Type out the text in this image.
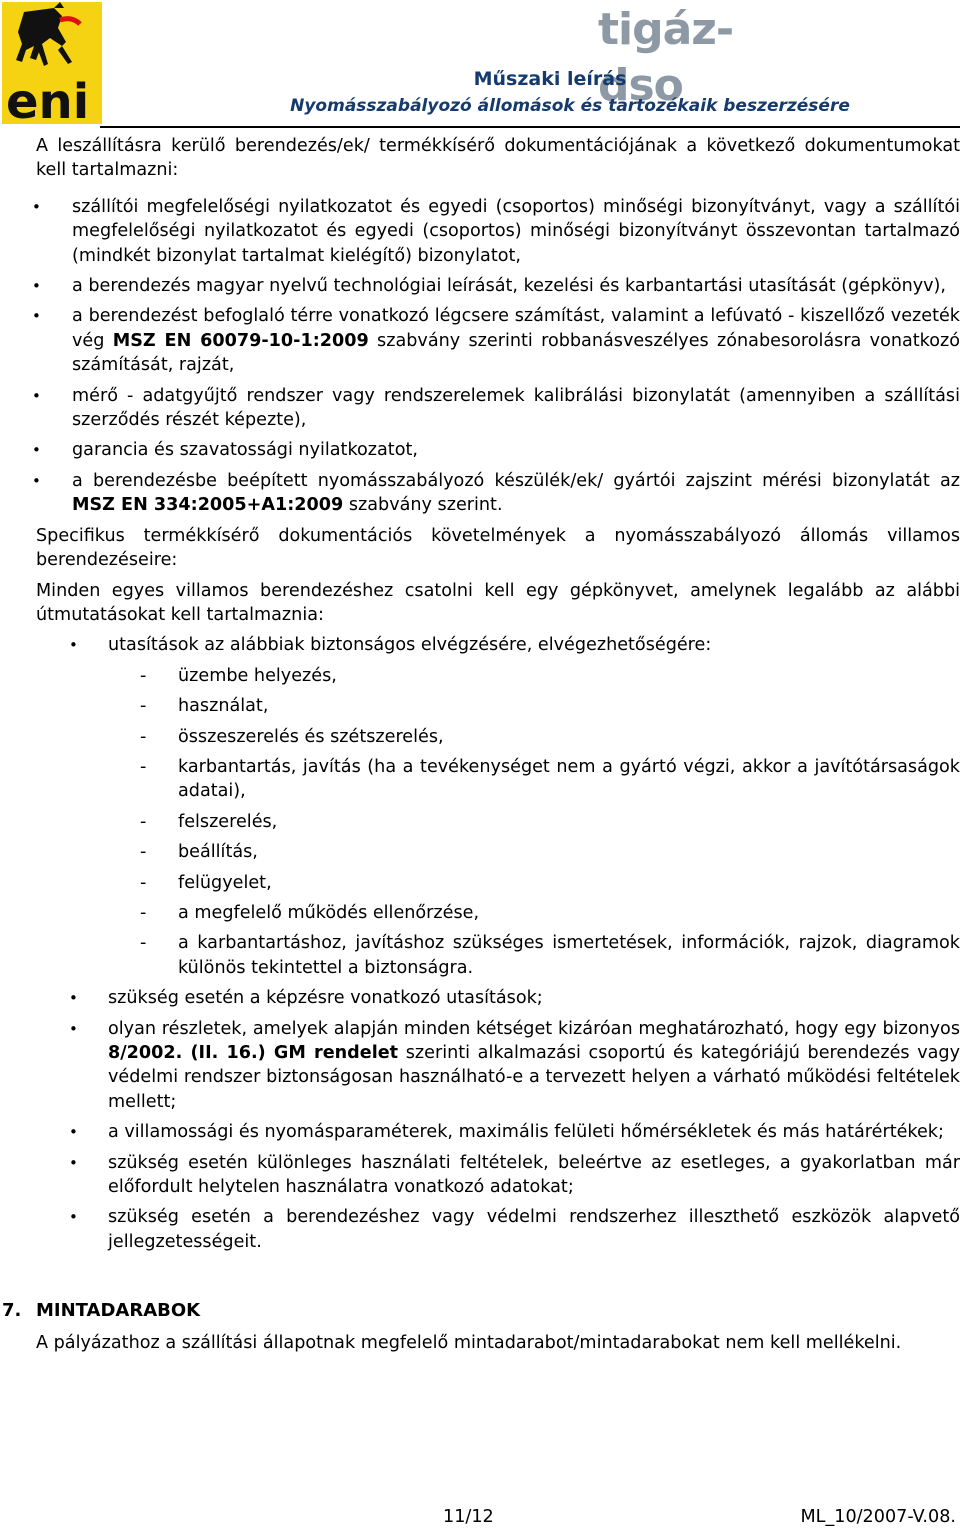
eni
tigáz-dso
Műszaki leírás
Nyomásszabályozó állomások és tartozékaik beszerzésére

A leszállításra kerülő berendezés/ek/ termékkísérő dokumentációjának a következő dokumentumokat kell tartalmazni:

• szállítói megfelelőségi nyilatkozatot és egyedi (csoportos) minőségi bizonyítványt, vagy a szállítói megfelelőségi nyilatkozatot és egyedi (csoportos) minőségi bizonyítványt összevontan tartalmazó (mindkét bizonylat tartalmat kielégítő) bizonylatot,
• a berendezés magyar nyelvű technológiai leírását, kezelési és karbantartási utasítását (gépkönyv),
• a berendezést befoglaló térre vonatkozó légcsere számítást, valamint a lefúvató - kiszellőző vezeték vég MSZ EN 60079-10-1:2009 szabvány szerinti robbanásveszélyes zónabesorolásra vonatkozó számítását, rajzát,
• mérő - adatgyűjtő rendszer vagy rendszerelemek kalibrálási bizonylatát (amennyiben a szállítási szerződés részét képezte),
• garancia és szavatossági nyilatkozatot,
• a berendezésbe beépített nyomásszabályozó készülék/ek/ gyártói zajszint mérési bizonylatát az MSZ EN 334:2005+A1:2009 szabvány szerint.

Specifikus termékkísérő dokumentációs követelmények a nyomásszabályozó állomás villamos berendezéseire:

Minden egyes villamos berendezéshez csatolni kell egy gépkönyvet, amelynek legalább az alábbi útmutatásokat kell tartalmaznia:

• utasítások az alábbiak biztonságos elvégzésére, elvégezhetőségére:
- üzembe helyezés,
- használat,
- összeszerelés és szétszerelés,
- karbantartás, javítás (ha a tevékenységet nem a gyártó végzi, akkor a javítótársaságok adatai),
- felszerelés,
- beállítás,
- felügyelet,
- a megfelelő működés ellenőrzése,
- a karbantartáshoz, javításhoz szükséges ismertetések, információk, rajzok, diagramok különös tekintettel a biztonságra.
• szükség esetén a képzésre vonatkozó utasítások;
• olyan részletek, amelyek alapján minden kétséget kizáróan meghatározható, hogy egy bizonyos 8/2002. (II. 16.) GM rendelet szerinti alkalmazási csoportú és kategóriájú berendezés vagy védelmi rendszer biztonságosan használható-e a tervezett helyen a várható működési feltételek mellett;
• a villamossági és nyomásparaméterek, maximális felületi hőmérsékletek és más határértékek;
• szükség esetén különleges használati feltételek, beleértve az esetleges, a gyakorlatban már előfordult helytelen használatra vonatkozó adatokat;
• szükség esetén a berendezéshez vagy védelmi rendszerhez illeszthető eszközök alapvető jellegzetességeit.
7. MINTADARABOK

A pályázathoz a szállítási állapotnak megfelelő mintadarabot/mintadarabokat nem kell mellékelni.

11/12	ML_10/2007-V.08.
